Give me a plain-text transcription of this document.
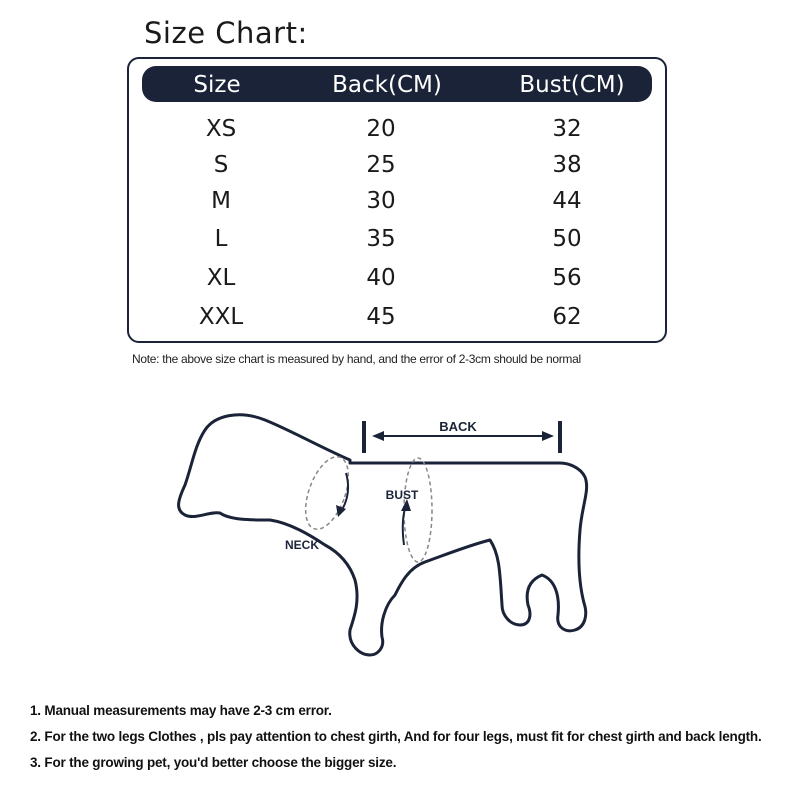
Size Chart:
Size	Back(CM)	Bust(CM)
XS	20	32
S	25	38
M	30	44
L	35	50
XL	40	56
XXL	45	62
Note: the above size chart is measured by hand, and the error of 2-3cm should be normal
BACK
NECK
BUST
1. Manual measurements may have 2-3 cm error.
2. For the two legs Clothes , pls pay attention to chest girth, And for four legs, must fit for chest girth and back length.
3. For the growing pet, you'd better choose the bigger size.
